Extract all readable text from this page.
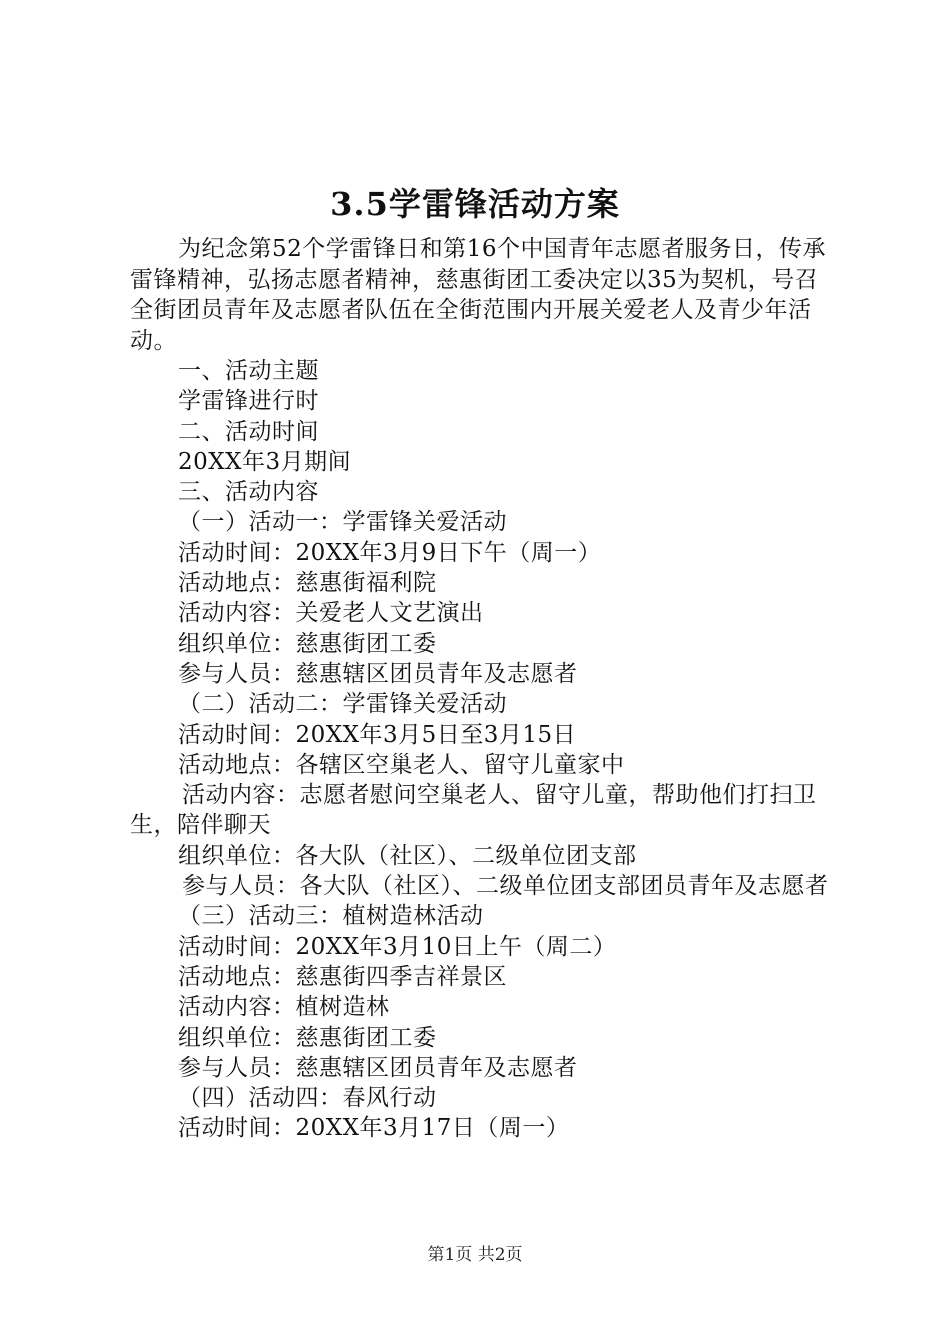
3.5学雷锋活动方案

为纪念第52个学雷锋日和第16个中国青年志愿者服务日，传承雷锋精神，弘扬志愿者精神，慈惠街团工委决定以35为契机，号召全街团员青年及志愿者队伍在全街范围内开展关爱老人及青少年活动。

一、活动主题
学雷锋进行时
二、活动时间
20XX年3月期间
三、活动内容
（一）活动一：学雷锋关爱活动
活动时间：20XX年3月9日下午（周一）
活动地点：慈惠街福利院
活动内容：关爱老人文艺演出
组织单位：慈惠街团工委
参与人员：慈惠辖区团员青年及志愿者
（二）活动二：学雷锋关爱活动
活动时间：20XX年3月5日至3月15日
活动地点：各辖区空巢老人、留守儿童家中
活动内容：志愿者慰问空巢老人、留守儿童，帮助他们打扫卫生，陪伴聊天
组织单位：各大队（社区）、二级单位团支部
参与人员：各大队（社区）、二级单位团支部团员青年及志愿者
（三）活动三：植树造林活动
活动时间：20XX年3月10日上午（周二）
活动地点：慈惠街四季吉祥景区
活动内容：植树造林
组织单位：慈惠街团工委
参与人员：慈惠辖区团员青年及志愿者
（四）活动四：春风行动
活动时间：20XX年3月17日（周一）
第1页 共2页
